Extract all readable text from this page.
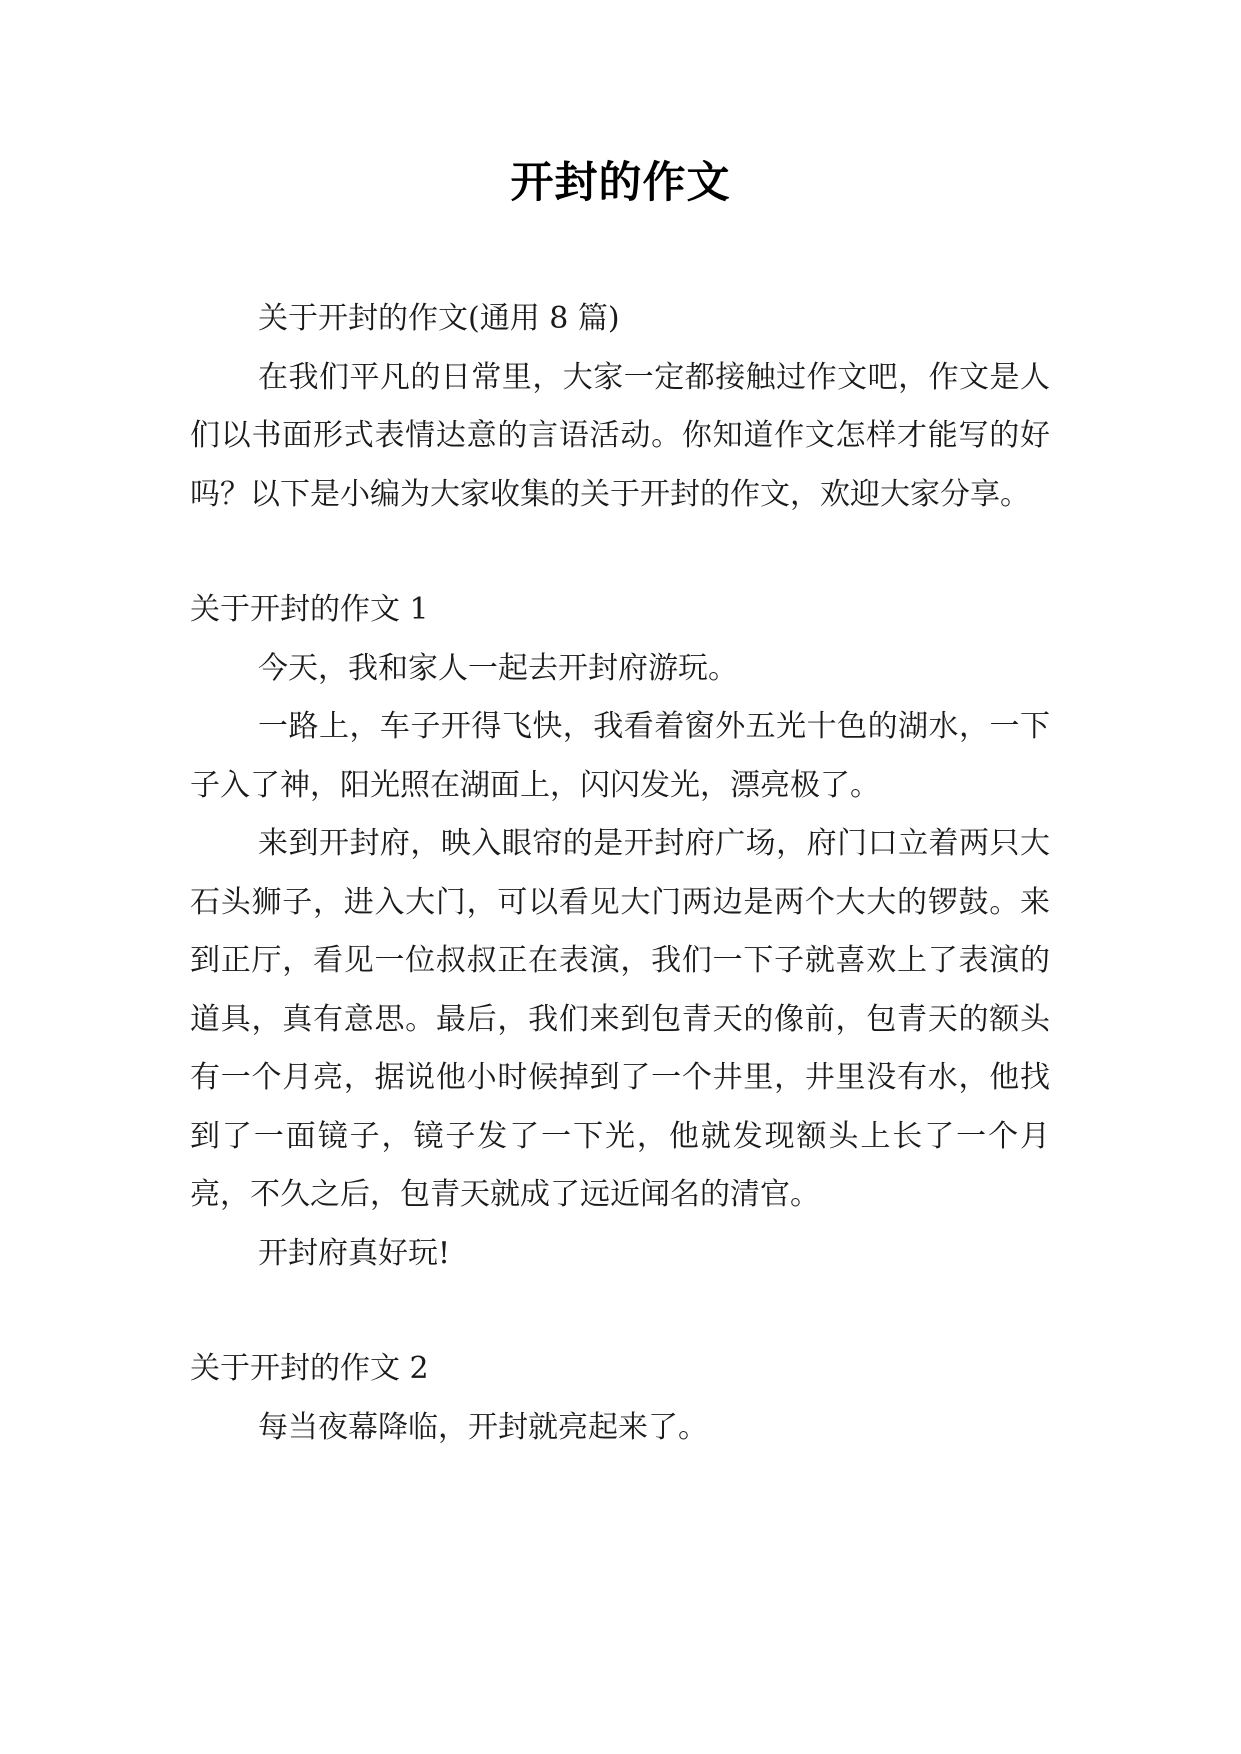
开封的作文

关于开封的作文(通用 8 篇)

在我们平凡的日常里，大家一定都接触过作文吧，作文是人们以书面形式表情达意的言语活动。你知道作文怎样才能写的好吗？以下是小编为大家收集的关于开封的作文，欢迎大家分享。

关于开封的作文 1

今天，我和家人一起去开封府游玩。

一路上，车子开得飞快，我看着窗外五光十色的湖水，一下子入了神，阳光照在湖面上，闪闪发光，漂亮极了。

来到开封府，映入眼帘的是开封府广场，府门口立着两只大石头狮子，进入大门，可以看见大门两边是两个大大的锣鼓。来到正厅，看见一位叔叔正在表演，我们一下子就喜欢上了表演的道具，真有意思。最后，我们来到包青天的像前，包青天的额头有一个月亮，据说他小时候掉到了一个井里，井里没有水，他找到了一面镜子，镜子发了一下光，他就发现额头上长了一个月亮，不久之后，包青天就成了远近闻名的清官。

开封府真好玩!

关于开封的作文 2

每当夜幕降临，开封就亮起来了。
